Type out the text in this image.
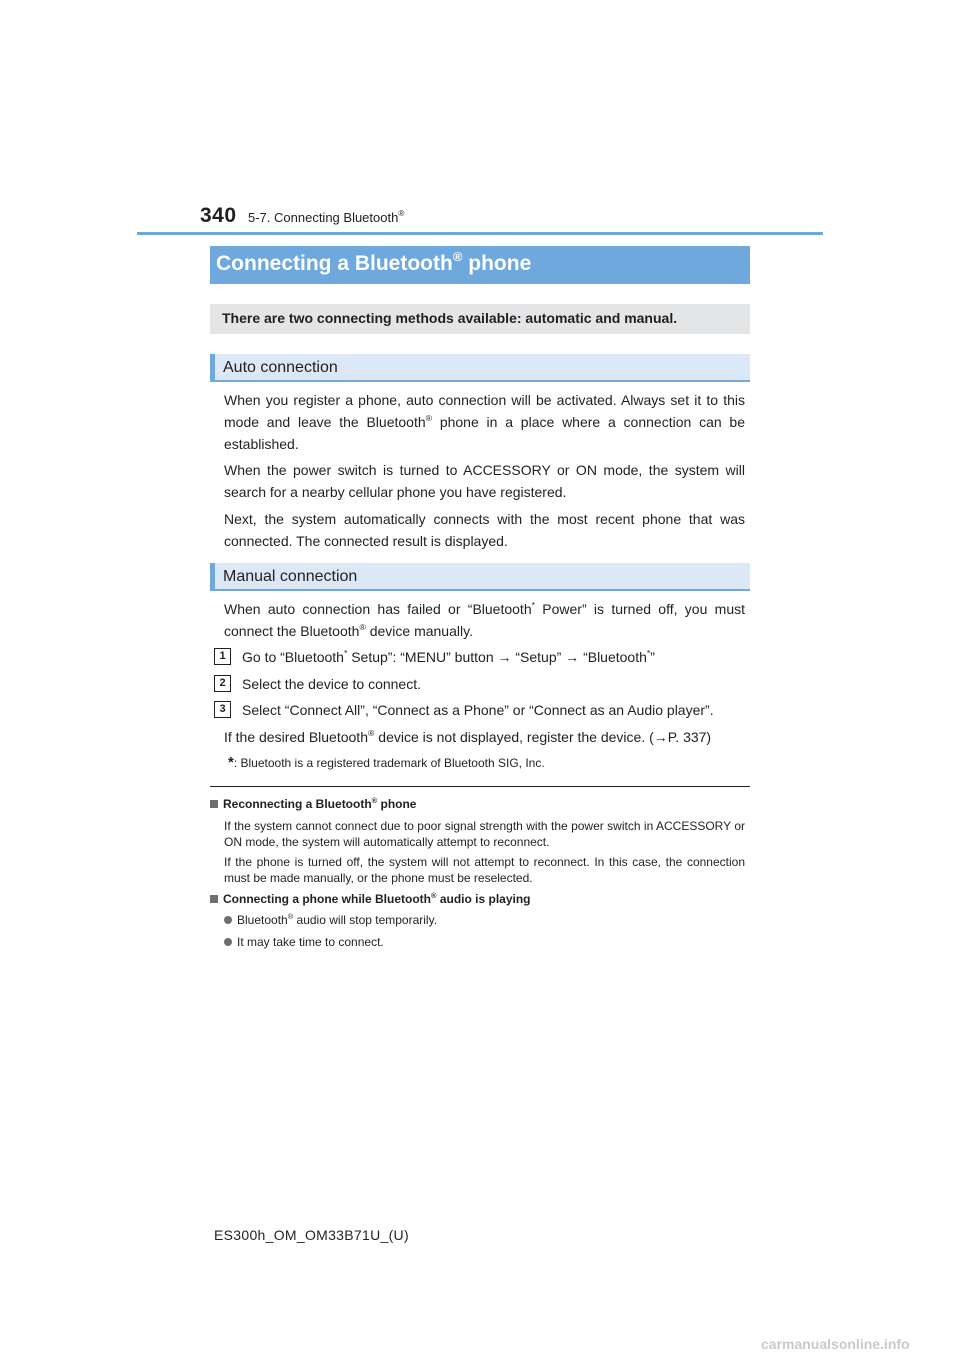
340 5-7. Connecting Bluetooth®
Connecting a Bluetooth® phone
There are two connecting methods available: automatic and manual.
Auto connection
When you register a phone, auto connection will be activated. Always set it to this mode and leave the Bluetooth® phone in a place where a connection can be established.
When the power switch is turned to ACCESSORY or ON mode, the system will search for a nearby cellular phone you have registered.
Next, the system automatically connects with the most recent phone that was connected. The connected result is displayed.
Manual connection
When auto connection has failed or “Bluetooth* Power” is turned off, you must connect the Bluetooth® device manually.
1	Go to “Bluetooth* Setup”: “MENU” button → “Setup” → “Bluetooth*”
2	Select the device to connect.
3	Select “Connect All”, “Connect as a Phone” or “Connect as an Audio player”.
If the desired Bluetooth® device is not displayed, register the device. (→P. 337)
*: Bluetooth is a registered trademark of Bluetooth SIG, Inc.
Reconnecting a Bluetooth® phone
If the system cannot connect due to poor signal strength with the power switch in ACCESSORY or ON mode, the system will automatically attempt to reconnect.
If the phone is turned off, the system will not attempt to reconnect. In this case, the connection must be made manually, or the phone must be reselected.
Connecting a phone while Bluetooth® audio is playing
Bluetooth® audio will stop temporarily.
It may take time to connect.
ES300h_OM_OM33B71U_(U)
carmanualsonline.info
